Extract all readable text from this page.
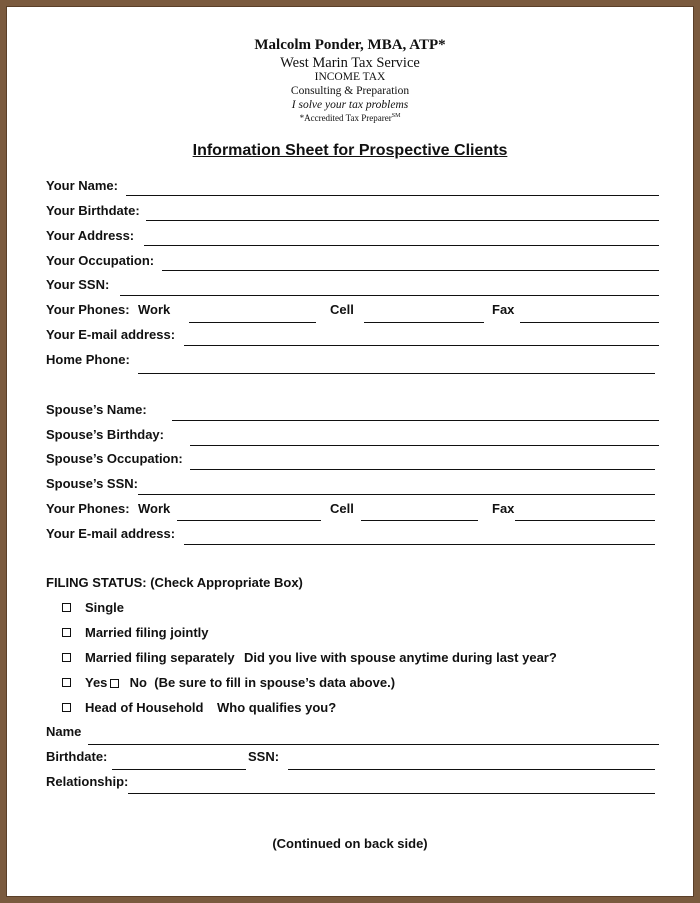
Malcolm Ponder, MBA, ATP*
West Marin Tax Service
INCOME TAX
Consulting & Preparation
I solve your tax problems
*Accredited Tax Preparer℠
Information Sheet for Prospective Clients
Your Name:
Your Birthdate:
Your Address:
Your Occupation:
Your SSN:
Your Phones: Work	Cell	Fax
Your E-mail address:
Home Phone:
Spouse’s Name:
Spouse’s Birthday:
Spouse’s Occupation:
Spouse’s SSN:
Your Phones: Work	Cell	Fax
Your E-mail address:
FILING STATUS: (Check Appropriate Box)
Single
Married filing jointly
Married filing separately Did you live with spouse anytime during last year?
Yes No (Be sure to fill in spouse’s data above.)
Head of Household Who qualifies you?
Name
Birthdate:	SSN:
Relationship:
(Continued on back side)
